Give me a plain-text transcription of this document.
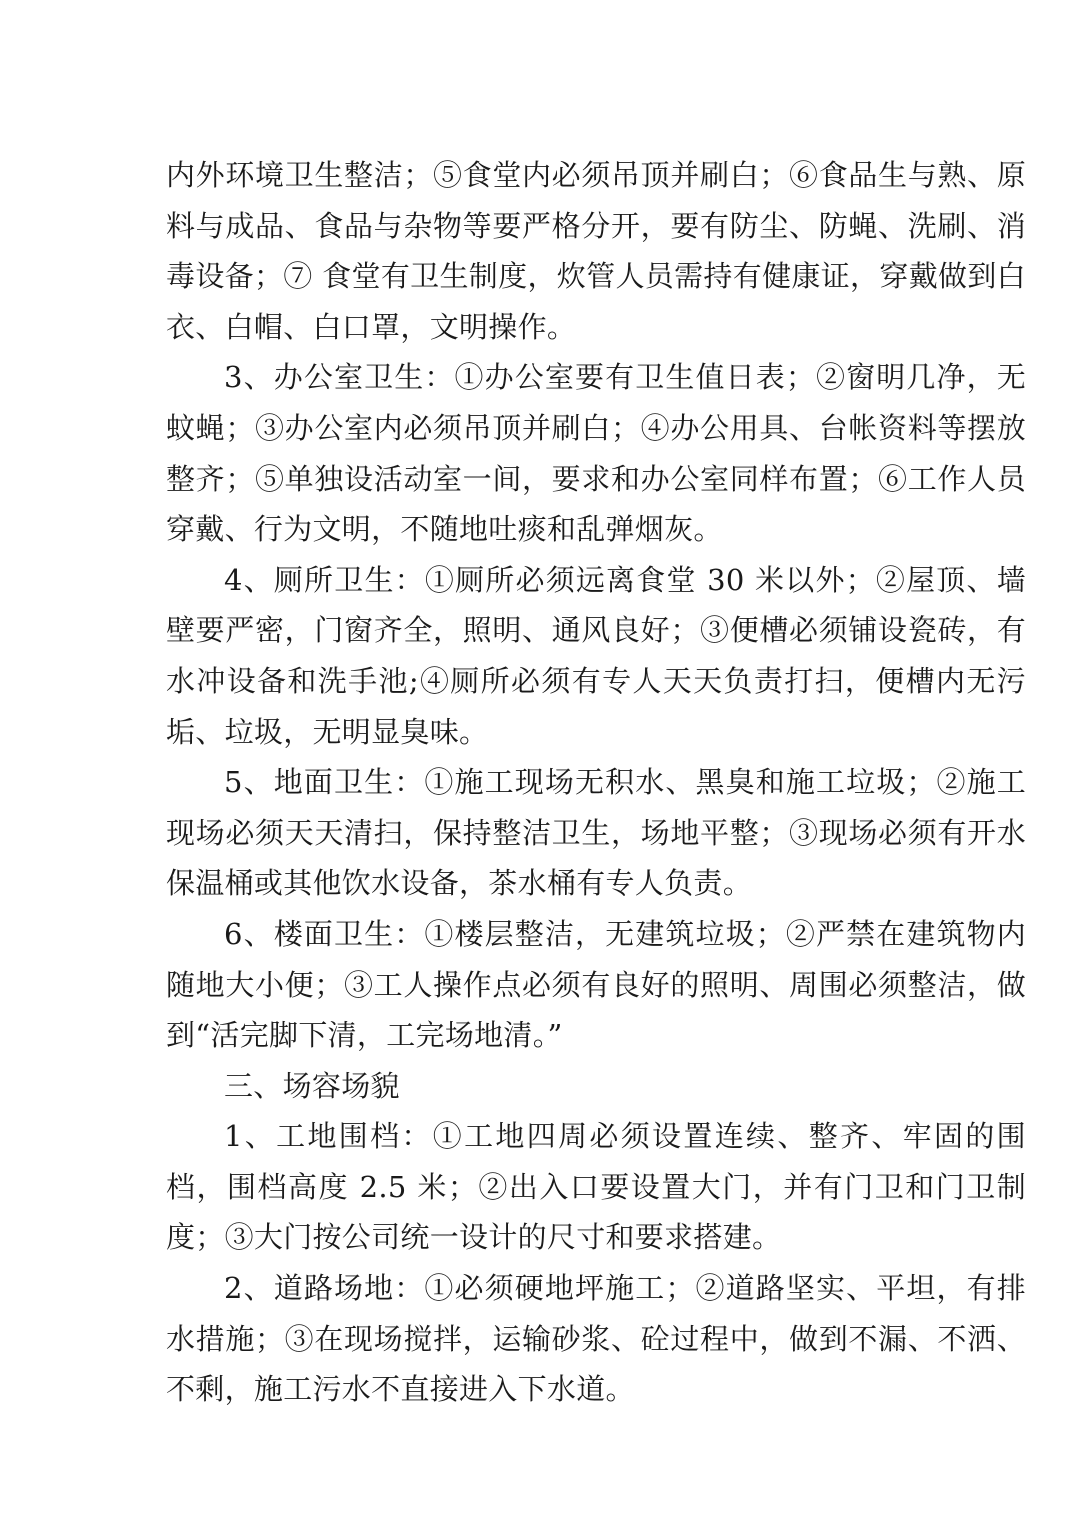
内外环境卫生整洁；⑤食堂内必须吊顶并刷白；⑥食品生与熟、原料与成品、食品与杂物等要严格分开，要有防尘、防蝇、洗刷、消毒设备；⑦ 食堂有卫生制度，炊管人员需持有健康证，穿戴做到白衣、白帽、白口罩，文明操作。

3、办公室卫生：①办公室要有卫生值日表；②窗明几净，无蚊蝇；③办公室内必须吊顶并刷白；④办公用具、台帐资料等摆放整齐；⑤单独设活动室一间，要求和办公室同样布置；⑥工作人员穿戴、行为文明，不随地吐痰和乱弹烟灰。

4、厕所卫生：①厕所必须远离食堂 30 米以外；②屋顶、墙壁要严密，门窗齐全，照明、通风良好；③便槽必须铺设瓷砖，有水冲设备和洗手池;④厕所必须有专人天天负责打扫，便槽内无污垢、垃圾，无明显臭味。

5、地面卫生：①施工现场无积水、黑臭和施工垃圾；②施工现场必须天天清扫，保持整洁卫生，场地平整；③现场必须有开水保温桶或其他饮水设备，茶水桶有专人负责。

6、楼面卫生：①楼层整洁，无建筑垃圾；②严禁在建筑物内随地大小便；③工人操作点必须有良好的照明、周围必须整洁，做到“活完脚下清，工完场地清。”

三、场容场貌

1、工地围档：①工地四周必须设置连续、整齐、牢固的围档，围档高度 2.5 米；②出入口要设置大门，并有门卫和门卫制度；③大门按公司统一设计的尺寸和要求搭建。

2、道路场地：①必须硬地坪施工；②道路坚实、平坦，有排水措施；③在现场搅拌，运输砂浆、砼过程中，做到不漏、不洒、不剩，施工污水不直接进入下水道。
